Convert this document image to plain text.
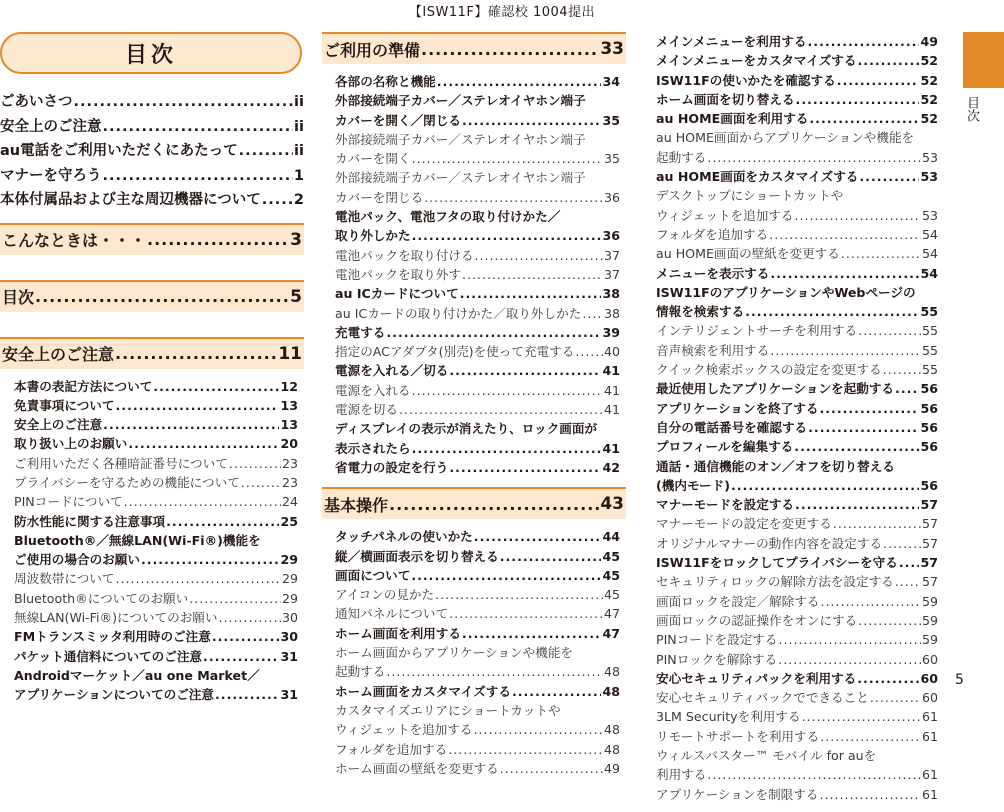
【ISW11F】確認校 1004提出
目次
ごあいさつ .....	ii
安全上のご注意 .....	ii
au電話をご利用いただくにあたって .....	ii
マナーを守ろう .....	1
本体付属品および主な周辺機器について ..... 2
こんなときは・・・ .....	3
目次 .....	5
安全上のご注意 .....	11
本書の表記方法について .....	12
免責事項について .....	13
安全上のご注意 .....	13
取り扱い上のお願い .....	20
ご利用いただく各種暗証番号について .....	23
プライバシーを守るための機能について .....	23
PINコードについて .....	24
防水性能に関する注意事項 .....	25
Bluetooth®／無線LAN(Wi-Fi®)機能を
ご使用の場合のお願い .....	29
周波数帯について .....	29
Bluetooth®についてのお願い .....	29
無線LAN(Wi-Fi®)についてのお願い .....	30
FMトランスミッタ利用時のご注意 .....	30
パケット通信料についてのご注意 .....	31
Androidマーケット／au one Market／
アプリケーションについてのご注意 .....	31
ご利用の準備 .....	33
各部の名称と機能 .....	34
外部接続端子カバー／ステレオイヤホン端子
カバーを開く／閉じる .....	35
外部接続端子カバー／ステレオイヤホン端子
カバーを開く .....	35
外部接続端子カバー／ステレオイヤホン端子
カバーを閉じる .....	36
電池パック、電池フタの取り付けかた／
取り外しかた .....	36
電池パックを取り付ける .....	37
電池パックを取り外す .....	37
au ICカードについて .....	38
au ICカードの取り付けかた／取り外しかた ..... 38
充電する .....	39
指定のACアダプタ(別売)を使って充電する ..... 40
電源を入れる／切る .....	41
電源を入れる .....	41
電源を切る .....	41
ディスプレイの表示が消えたり、ロック画面が
表示されたら .....	41
省電力の設定を行う .....	42
基本操作 .....	43
タッチパネルの使いかた .....	44
縦／横画面表示を切り替える .....	45
画面について .....	45
アイコンの見かた .....	45
通知パネルについて .....	47
ホーム画面を利用する .....	47
ホーム画面からアプリケーションや機能を
起動する .....	48
ホーム画面をカスタマイズする .....	48
カスタマイズエリアにショートカットや
ウィジェットを追加する .....	48
フォルダを追加する .....	48
ホーム画面の壁紙を変更する .....	49
メインメニューを利用する .....	49
メインメニューをカスタマイズする .....	52
ISW11Fの使いかたを確認する .....	52
ホーム画面を切り替える .....	52
au HOME画面を利用する .....	52
au HOME画面からアプリケーションや機能を
起動する .....	53
au HOME画面をカスタマイズする .....	53
デスクトップにショートカットや
ウィジェットを追加する .....	53
フォルダを追加する .....	54
au HOME画面の壁紙を変更する .....	54
メニューを表示する .....	54
ISW11FのアプリケーションやWebページの
情報を検索する .....	55
インテリジェントサーチを利用する .....	55
音声検索を利用する .....	55
クイック検索ボックスの設定を変更する .....	55
最近使用したアプリケーションを起動する ..... 56
アプリケーションを終了する .....	56
自分の電話番号を確認する .....	56
プロフィールを編集する .....	56
通話・通信機能のオン／オフを切り替える
(機内モード) .....	56
マナーモードを設定する .....	57
マナーモードの設定を変更する .....	57
オリジナルマナーの動作内容を設定する .....	57
ISW11Fをロックしてプライバシーを守る ..... 57
セキュリティロックの解除方法を設定する ..... 57
画面ロックを設定／解除する .....	59
画面ロックの認証操作をオンにする .....	59
PINコードを設定する .....	59
PINロックを解除する .....	60
安心セキュリティパックを利用する .....	60
安心セキュリティパックでできること .....	60
3LM Securityを利用する .....	61
リモートサポートを利用する .....	61
ウィルスバスター™ モバイル for auを
利用する .....	61
アプリケーションを制限する .....	61
目次
5
